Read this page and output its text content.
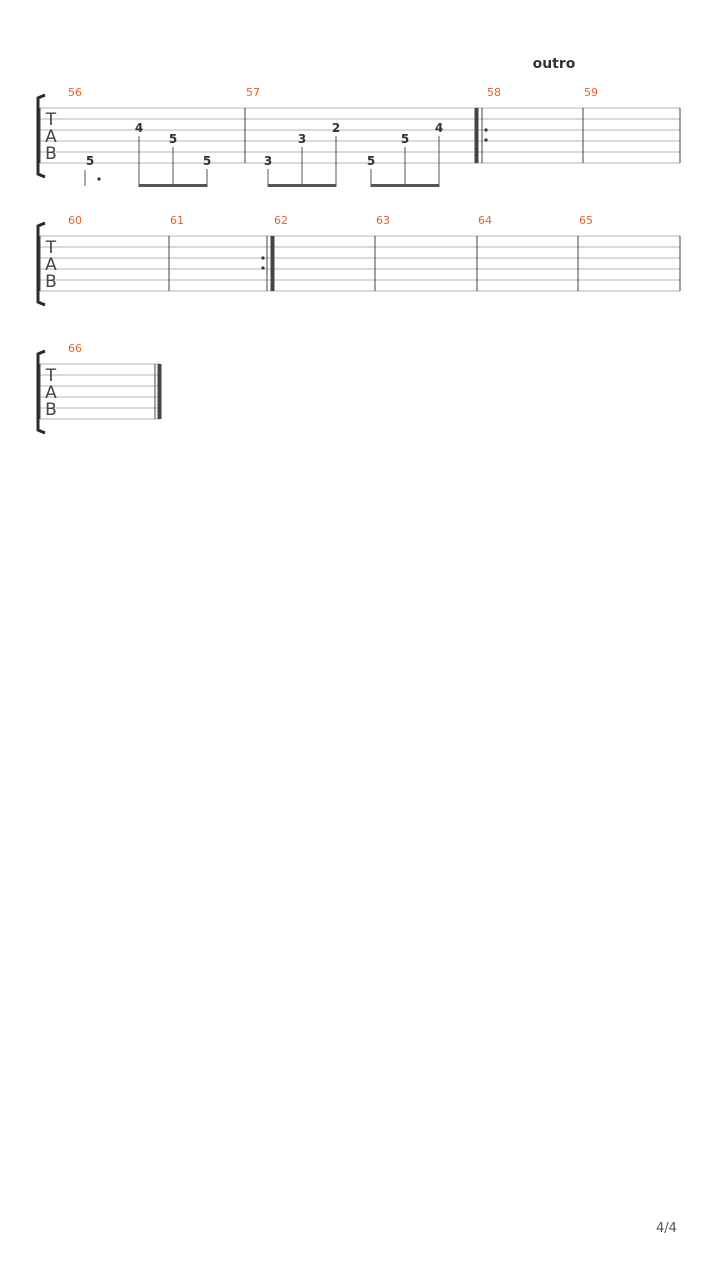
T
A
B
outro
56	57	58	59
5
4
5
5	3
3
2
5
5
4
T
A
B
60	61	62	63	64	65
T
A
B
66
4/4
